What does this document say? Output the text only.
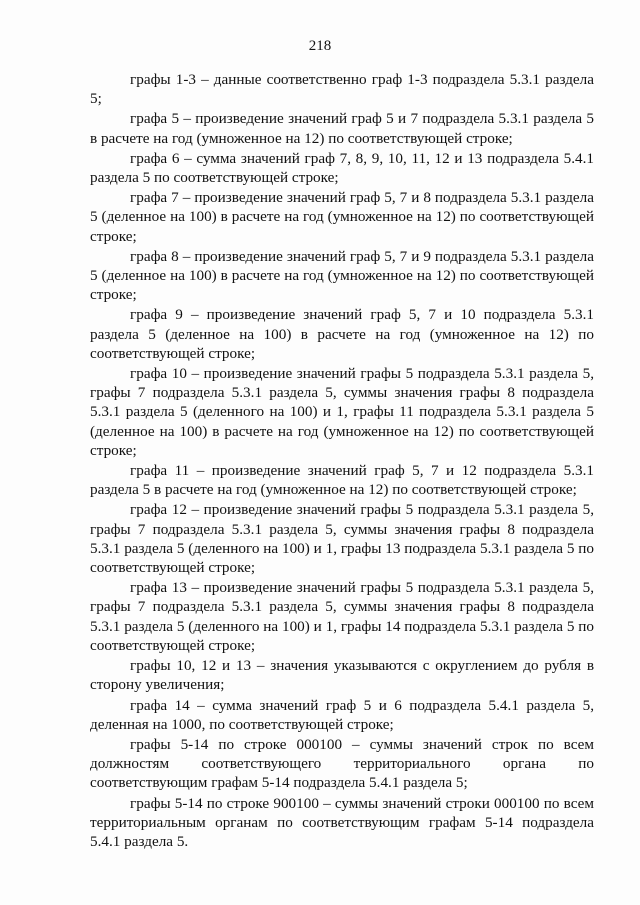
218

графы 1-3 – данные соответственно граф 1-3 подраздела 5.3.1 раздела 5;

графа 5 – произведение значений граф 5 и 7 подраздела 5.3.1 раздела 5 в расчете на год (умноженное на 12) по соответствующей строке;

графа 6 – сумма значений граф 7, 8, 9, 10, 11, 12 и 13 подраздела 5.4.1 раздела 5 по соответствующей строке;

графа 7 – произведение значений граф 5, 7 и 8 подраздела 5.3.1 раздела 5 (деленное на 100) в расчете на год (умноженное на 12) по соответствующей строке;

графа 8 – произведение значений граф 5, 7 и 9 подраздела 5.3.1 раздела 5 (деленное на 100) в расчете на год (умноженное на 12) по соответствующей строке;

графа 9 – произведение значений граф 5, 7 и 10 подраздела 5.3.1 раздела 5 (деленное на 100) в расчете на год (умноженное на 12) по соответствующей строке;

графа 10 – произведение значений графы 5 подраздела 5.3.1 раздела 5, графы 7 подраздела 5.3.1 раздела 5, суммы значения графы 8 подраздела 5.3.1 раздела 5 (деленного на 100) и 1, графы 11 подраздела 5.3.1 раздела 5 (деленное на 100) в расчете на год (умноженное на 12) по соответствующей строке;

графа 11 – произведение значений граф 5, 7 и 12 подраздела 5.3.1 раздела 5 в расчете на год (умноженное на 12) по соответствующей строке;

графа 12 – произведение значений графы 5 подраздела 5.3.1 раздела 5, графы 7 подраздела 5.3.1 раздела 5, суммы значения графы 8 подраздела 5.3.1 раздела 5 (деленного на 100) и 1, графы 13 подраздела 5.3.1 раздела 5 по соответствующей строке;

графа 13 – произведение значений графы 5 подраздела 5.3.1 раздела 5, графы 7 подраздела 5.3.1 раздела 5, суммы значения графы 8 подраздела 5.3.1 раздела 5 (деленного на 100) и 1, графы 14 подраздела 5.3.1 раздела 5 по соответствующей строке;

графы 10, 12 и 13 – значения указываются с округлением до рубля в сторону увеличения;

графа 14 – сумма значений граф 5 и 6 подраздела 5.4.1 раздела 5, деленная на 1000, по соответствующей строке;

графы 5-14 по строке 000100 – суммы значений строк по всем должностям соответствующего территориального органа по соответствующим графам 5-14 подраздела 5.4.1 раздела 5;

графы 5-14 по строке 900100 – суммы значений строки 000100 по всем территориальным органам по соответствующим графам 5-14 подраздела 5.4.1 раздела 5.
